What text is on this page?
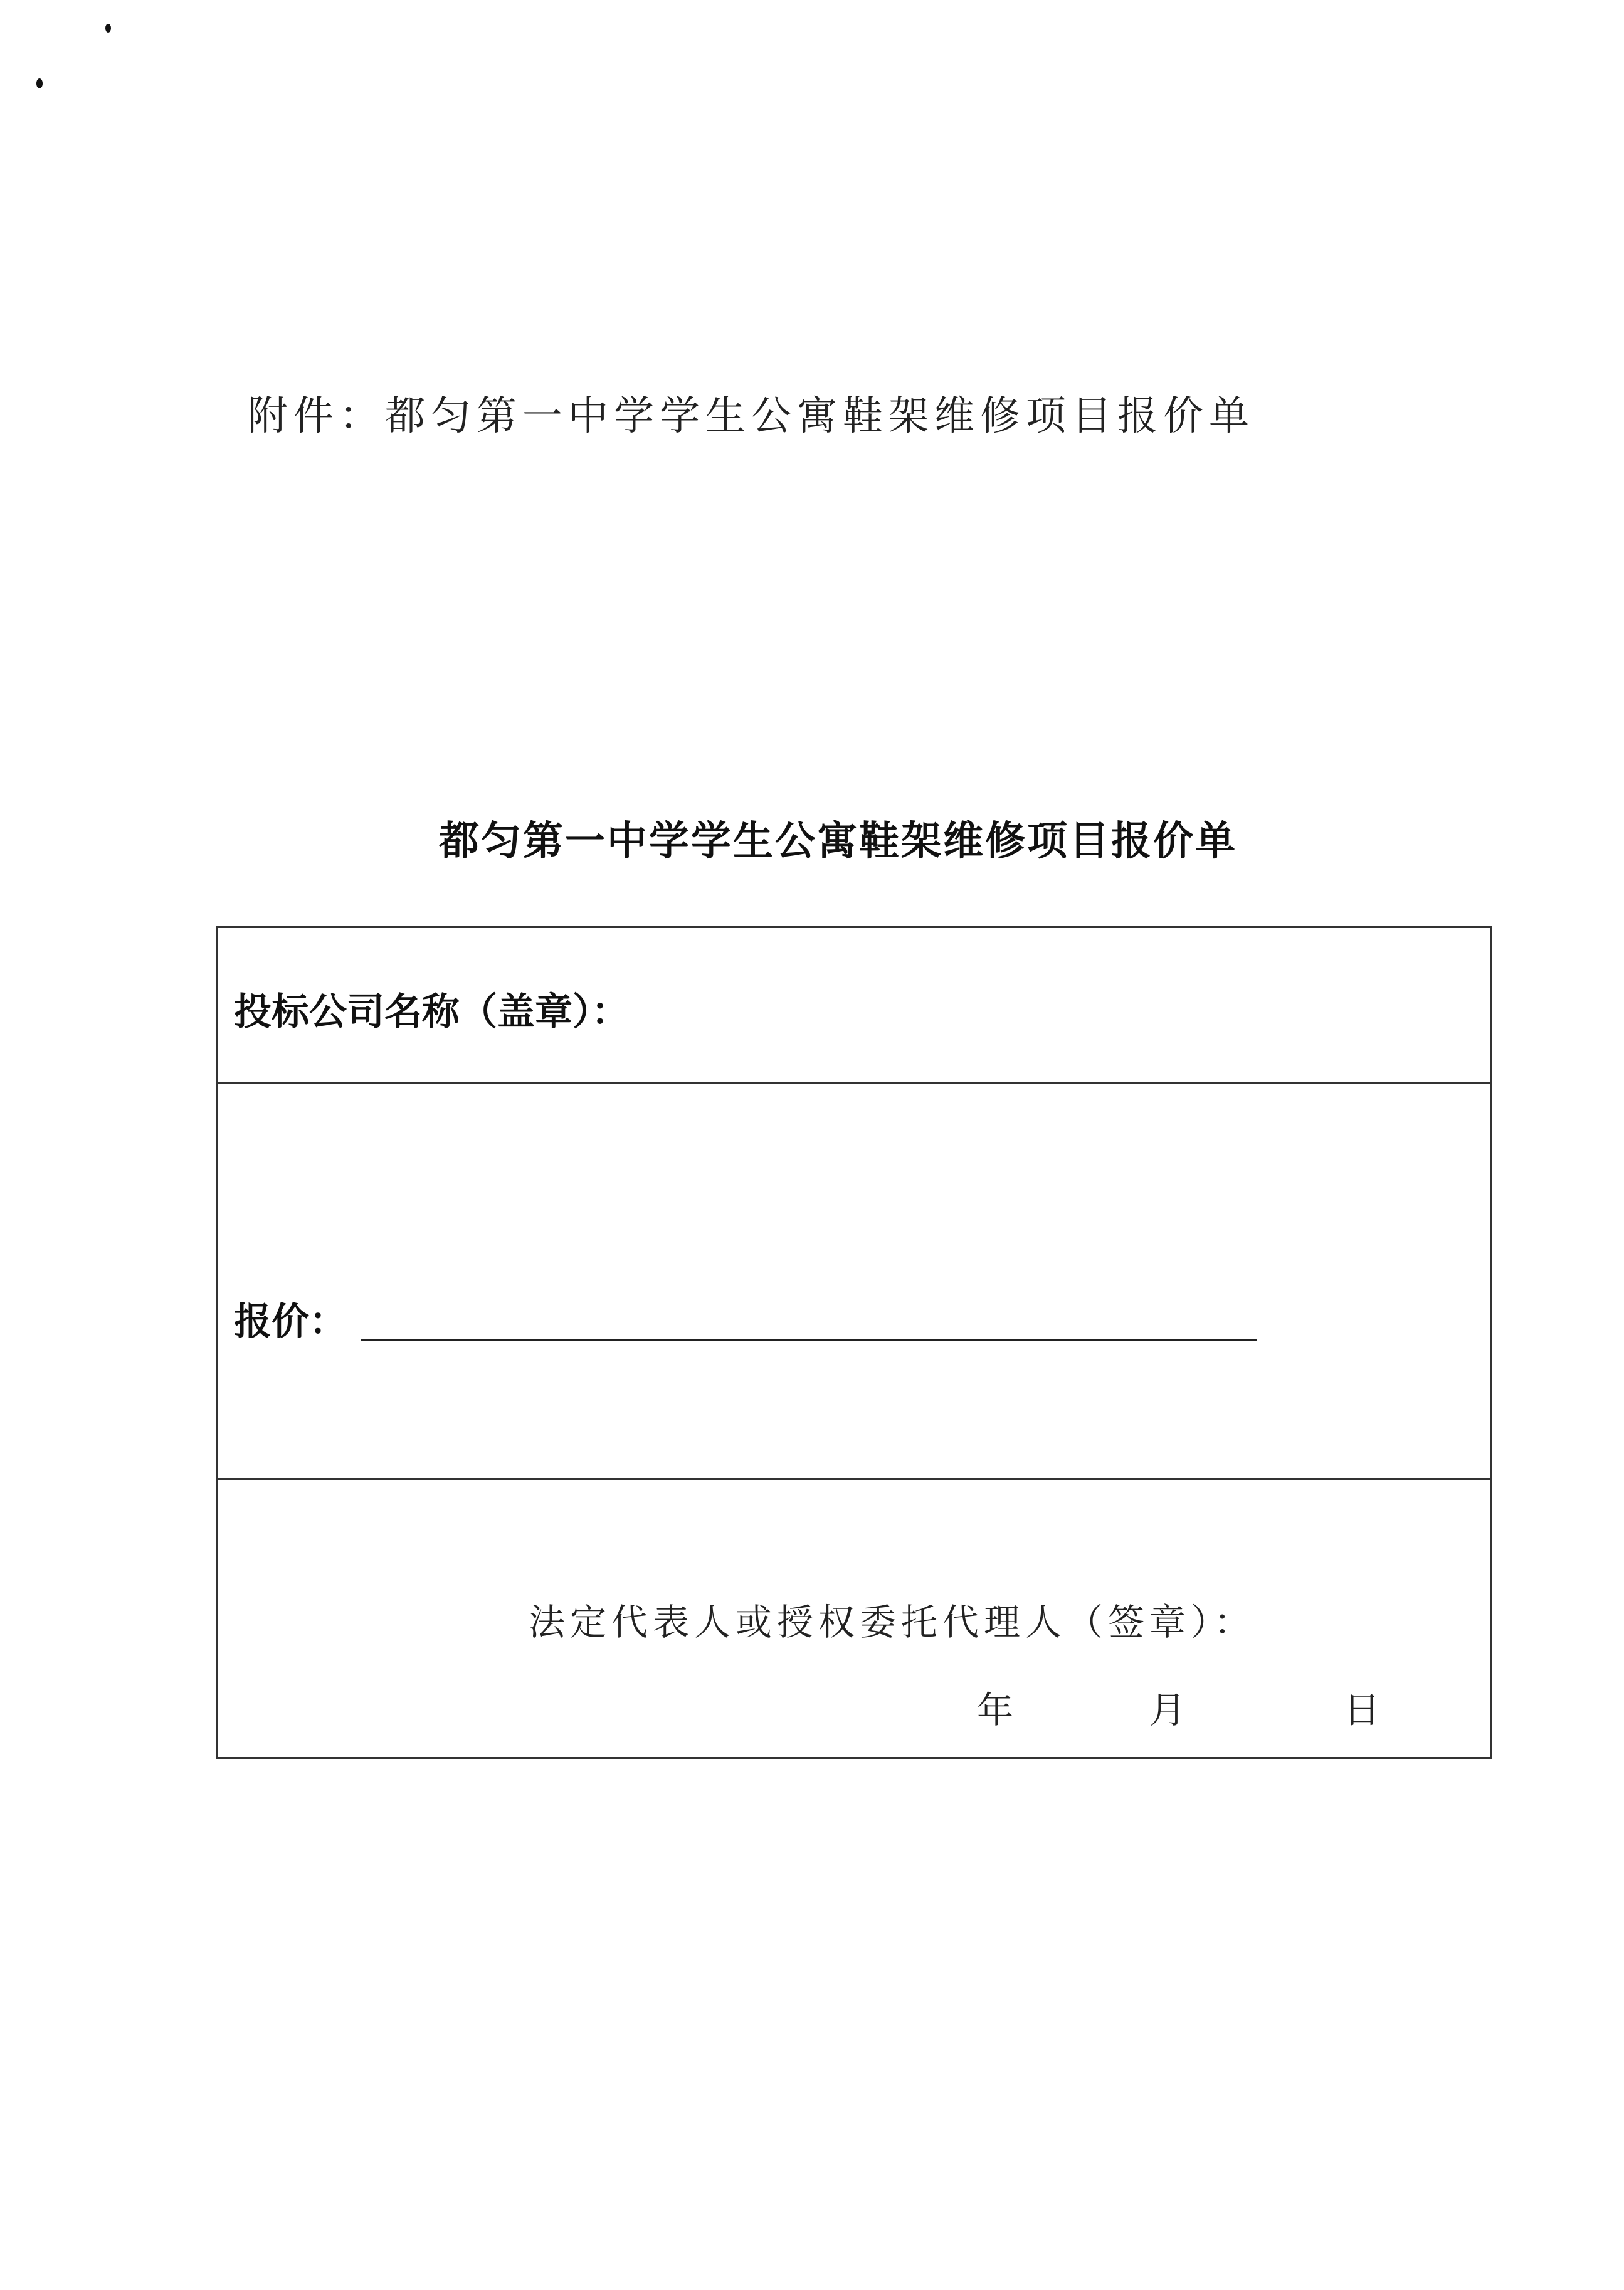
附件：都匀第一中学学生公寓鞋架维修项目报价单
都匀第一中学学生公寓鞋架维修项目报价单
投标公司名称（盖章）：
报价：
法定代表人或授权委托代理人（签章）：
年	月	日
